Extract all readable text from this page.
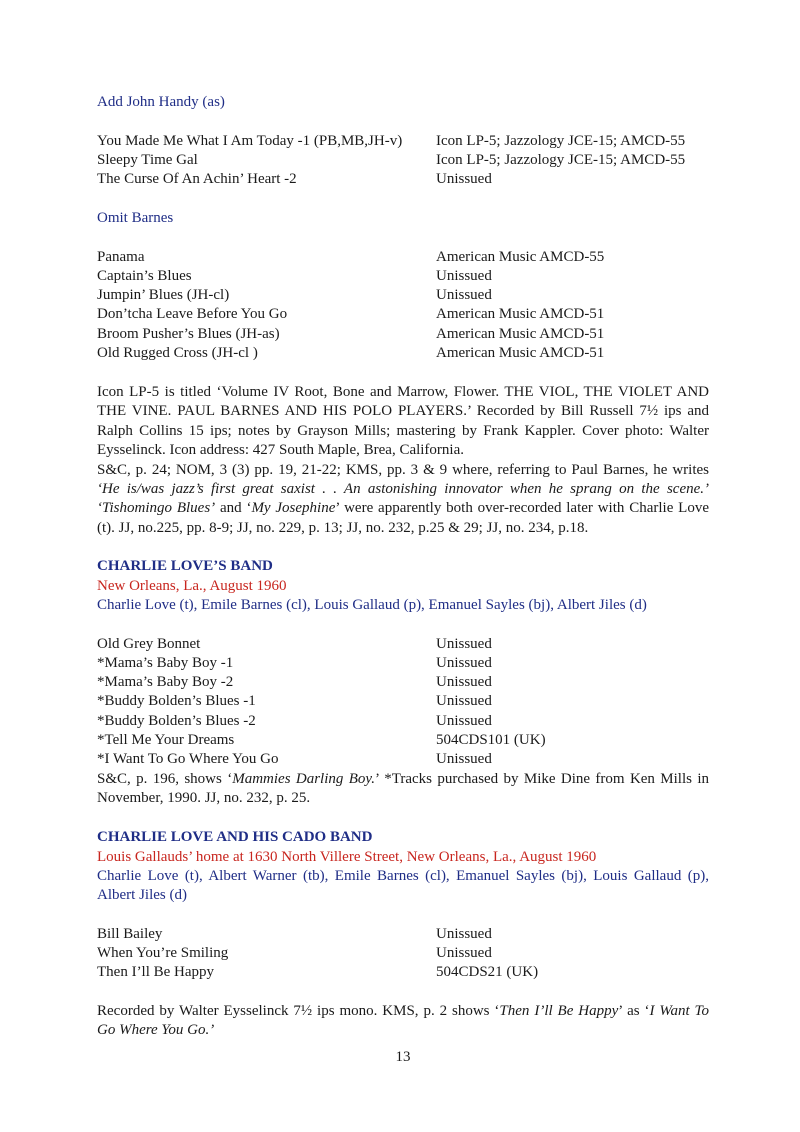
Add John Handy (as)
You Made Me What I Am Today -1 (PB,MB,JH-v) Icon LP-5; Jazzology JCE-15; AMCD-55
Sleepy Time Gal	Icon LP-5; Jazzology JCE-15; AMCD-55
The Curse Of An Achin’ Heart -2	Unissued
Omit Barnes
Panama	American Music AMCD-55
Captain’s Blues	Unissued
Jumpin’ Blues (JH-cl)	Unissued
Don’tcha Leave Before You Go	American Music AMCD-51
Broom Pusher’s Blues (JH-as)	American Music AMCD-51
Old Rugged Cross (JH-cl )	American Music AMCD-51
Icon LP-5 is titled ‘Volume IV Root, Bone and Marrow, Flower. THE VIOL, THE VIOLET AND THE VINE. PAUL BARNES AND HIS POLO PLAYERS.’ Recorded by Bill Russell 7½ ips and Ralph Collins 15 ips; notes by Grayson Mills; mastering by Frank Kappler. Cover photo: Walter Eysselinck. Icon address: 427 South Maple, Brea, California.
S&C, p. 24; NOM, 3 (3) pp. 19, 21-22; KMS, pp. 3 & 9 where, referring to Paul Barnes, he writes ‘He is/was jazz’s first great saxist . . An astonishing innovator when he sprang on the scene.’ ‘Tishomingo Blues’ and ‘My Josephine’ were apparently both over-recorded later with Charlie Love (t). JJ, no.225, pp. 8-9; JJ, no. 229, p. 13; JJ, no. 232, p.25 & 29; JJ, no. 234, p.18.
CHARLIE LOVE’S BAND
New Orleans, La., August 1960
Charlie Love (t), Emile Barnes (cl), Louis Gallaud (p), Emanuel Sayles (bj), Albert Jiles (d)
Old Grey Bonnet	Unissued
*Mama’s Baby Boy -1	Unissued
*Mama’s Baby Boy -2	Unissued
*Buddy Bolden’s Blues -1	Unissued
*Buddy Bolden’s Blues -2	Unissued
*Tell Me Your Dreams	504CDS101 (UK)
*I Want To Go Where You Go	Unissued
S&C, p. 196, shows ‘Mammies Darling Boy.’ *Tracks purchased by Mike Dine from Ken Mills in November, 1990. JJ, no. 232, p. 25.
CHARLIE LOVE AND HIS CADO BAND
Louis Gallauds’ home at 1630 North Villere Street, New Orleans, La., August 1960
Charlie Love (t), Albert Warner (tb), Emile Barnes (cl), Emanuel Sayles (bj), Louis Gallaud (p), Albert Jiles (d)
Bill Bailey	Unissued
When You’re Smiling	Unissued
Then I’ll Be Happy	504CDS21 (UK)
Recorded by Walter Eysselinck 7½ ips mono. KMS, p. 2 shows ‘Then I’ll Be Happy’ as ‘I Want To Go Where You Go.’
13
